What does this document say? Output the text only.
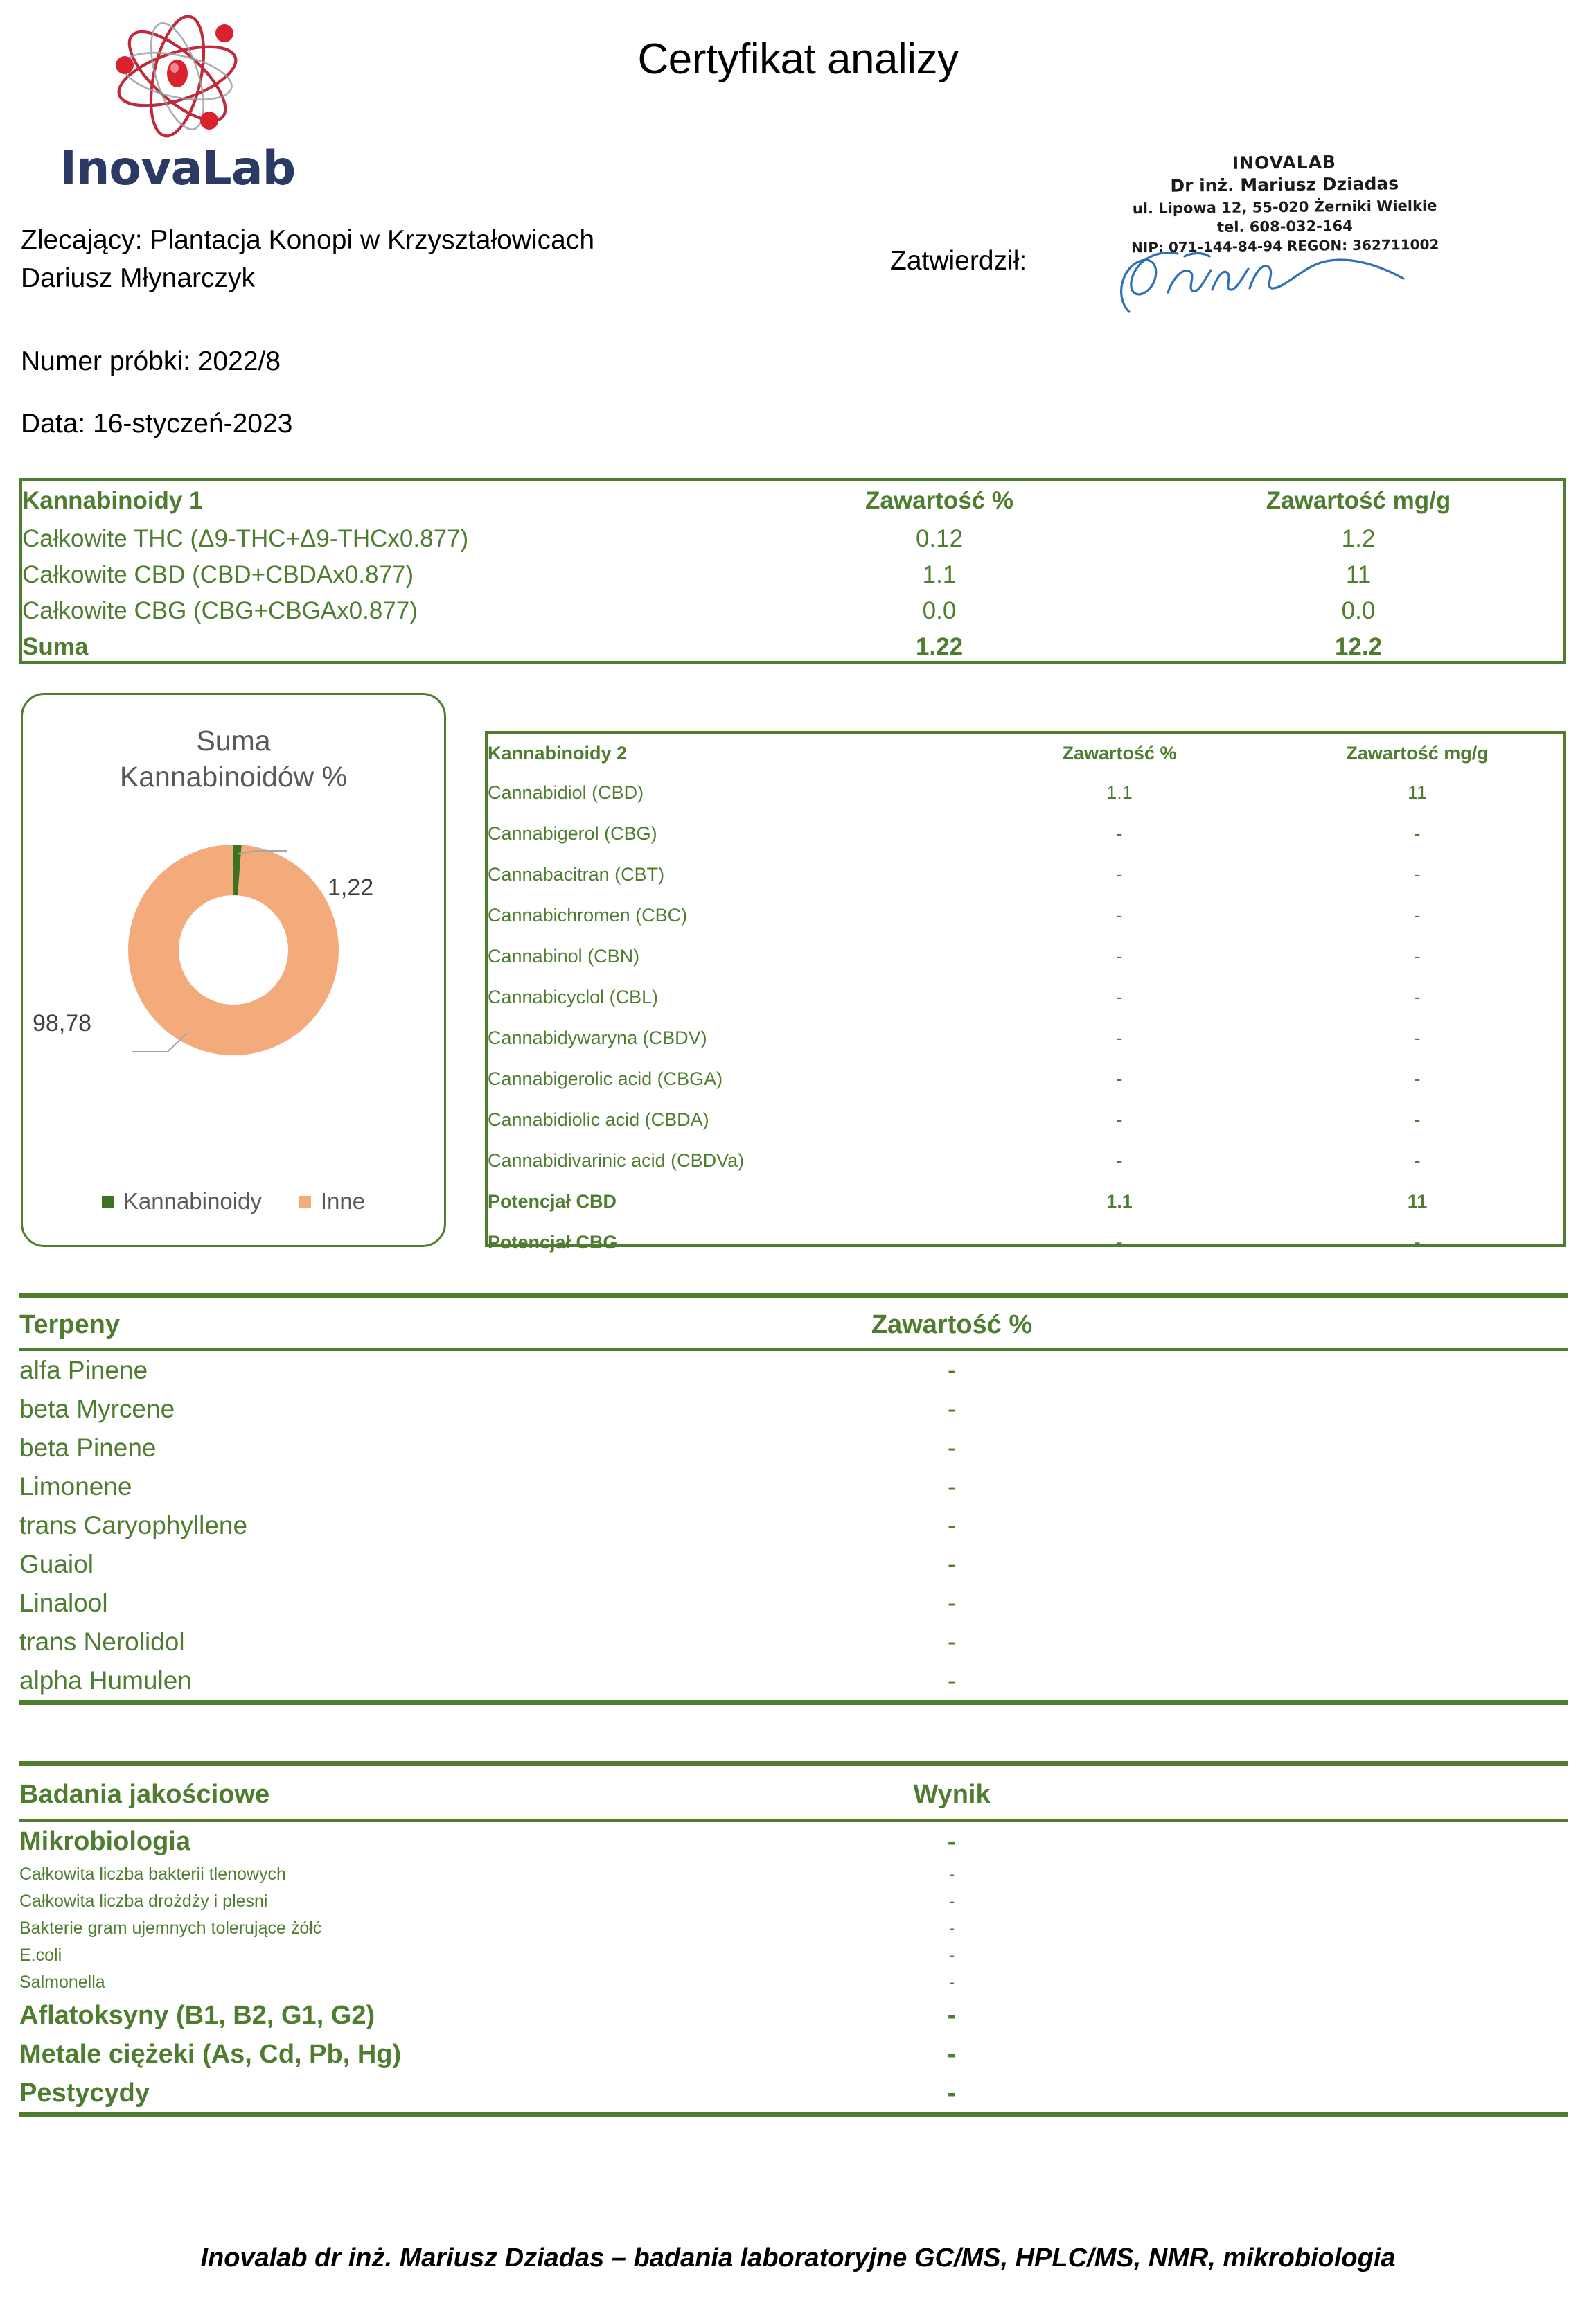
InovaLab
Certyfikat analizy
Zlecający: Plantacja Konopi w Krzyształowicach
Dariusz Młynarczyk
Numer próbki: 2022/8
Data: 16-styczeń-2023
Zatwierdził:
INOVALAB
Dr inż. Mariusz Dziadas
ul. Lipowa 12, 55-020 Żerniki Wielkie
tel. 608-032-164
NIP: 071-144-84-94 REGON: 362711002
Kannabinoidy 1	Zawartość %	Zawartość mg/g
Całkowite THC (Δ9-THC+Δ9-THCx0.877)	0.12	1.2
Całkowite CBD (CBD+CBDAx0.877)	1.1	11
Całkowite CBG (CBG+CBGAx0.877)	0.0	0.0
Suma	1.22	12.2
Suma
Kannabinoidów %
1,22
98,78
Kannabinoidy	Inne
Kannabinoidy 2	Zawartość %	Zawartość mg/g
Cannabidiol (CBD)	1.1	11
Cannabigerol (CBG)	-	-
Cannabacitran (CBT)	-	-
Cannabichromen (CBC)	-	-
Cannabinol (CBN)	-	-
Cannabicyclol (CBL)	-	-
Cannabidywaryna (CBDV)	-	-
Cannabigerolic acid (CBGA)	-	-
Cannabidiolic acid (CBDA)	-	-
Cannabidivarinic acid (CBDVa)	-	-
Potencjał CBD	1.1	11
Potencjał CBG	-	-
Terpeny	Zawartość %	
alfa Pinene	-	
beta Myrcene	-	
beta Pinene	-	
Limonene	-	
trans Caryophyllene	-	
Guaiol	-	
Linalool	-	
trans Nerolidol	-	
alpha Humulen	-	
Badania jakościowe	Wynik	
Mikrobiologia	-	
Całkowita liczba bakterii tlenowych	-	
Całkowita liczba drożdży i plesni	-	
Bakterie gram ujemnych tolerujące żółć	-	
E.coli	-	
Salmonella	-	
Aflatoksyny (B1, B2, G1, G2)	-	
Metale ciężeki (As, Cd, Pb, Hg)	-	
Pestycydy	-	
Inovalab dr inż. Mariusz Dziadas – badania laboratoryjne GC/MS, HPLC/MS, NMR, mikrobiologia
